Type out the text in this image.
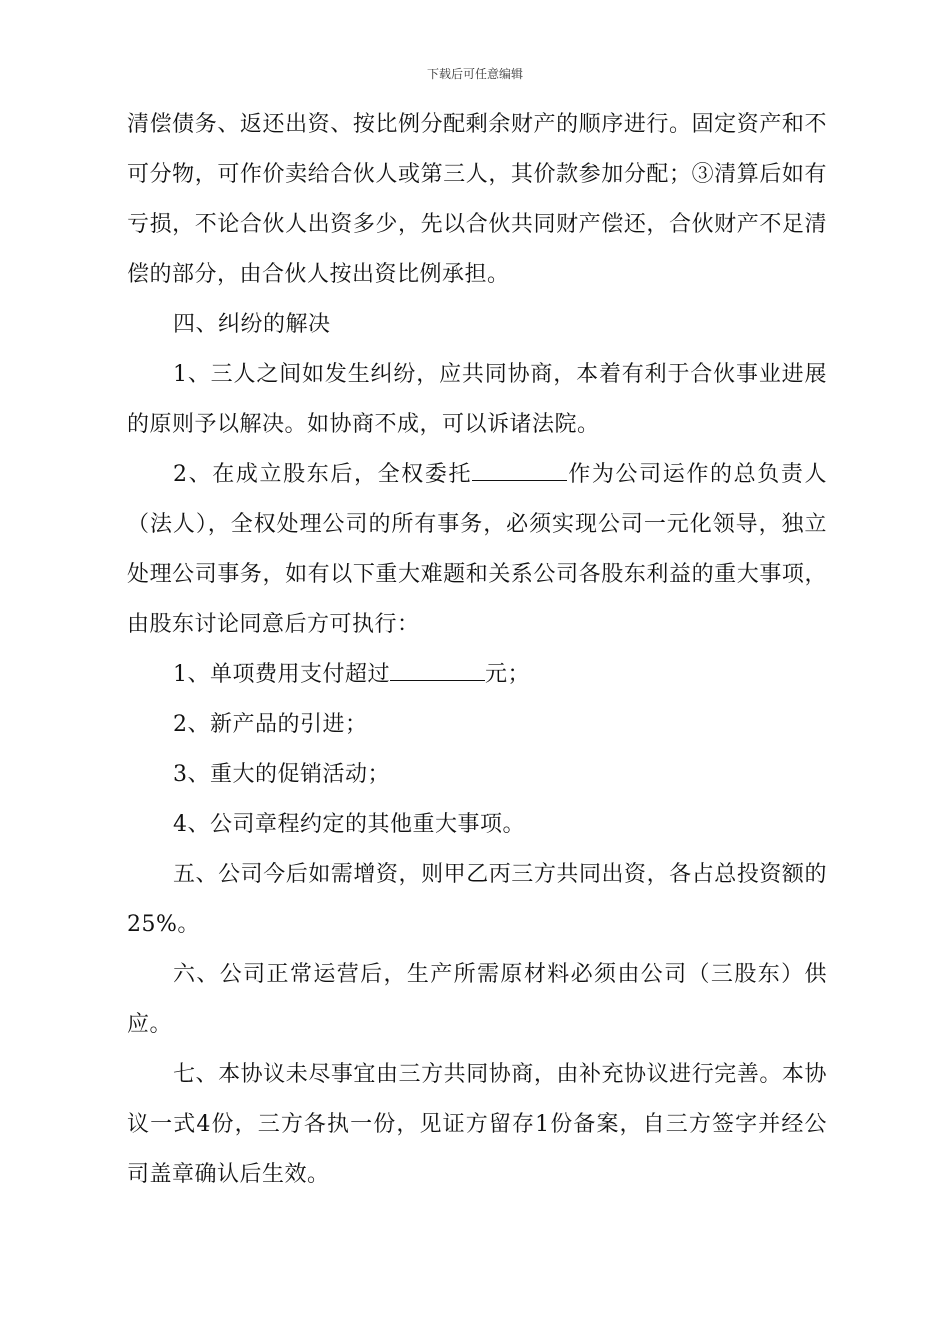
下载后可任意编辑

清偿债务、返还出资、按比例分配剩余财产的顺序进行。固定资产和不可分物，可作价卖给合伙人或第三人，其价款参加分配；③清算后如有亏损，不论合伙人出资多少，先以合伙共同财产偿还，合伙财产不足清偿的部分，由合伙人按出资比例承担。

四、纠纷的解决

1、三人之间如发生纠纷，应共同协商，本着有利于合伙事业进展的原则予以解决。如协商不成，可以诉诸法院。

2、在成立股东后，全权委托	作为公司运作的总负责人（法人），全权处理公司的所有事务，必须实现公司一元化领导，独立处理公司事务，如有以下重大难题和关系公司各股东利益的重大事项，由股东讨论同意后方可执行：

1、单项费用支付超过	元；

2、新产品的引进；

3、重大的促销活动；

4、公司章程约定的其他重大事项。

五、公司今后如需增资，则甲乙丙三方共同出资，各占总投资额的25%。

六、公司正常运营后，生产所需原材料必须由公司（三股东）供应。

七、本协议未尽事宜由三方共同协商，由补充协议进行完善。本协议一式4份，三方各执一份，见证方留存1份备案，自三方签字并经公司盖章确认后生效。
